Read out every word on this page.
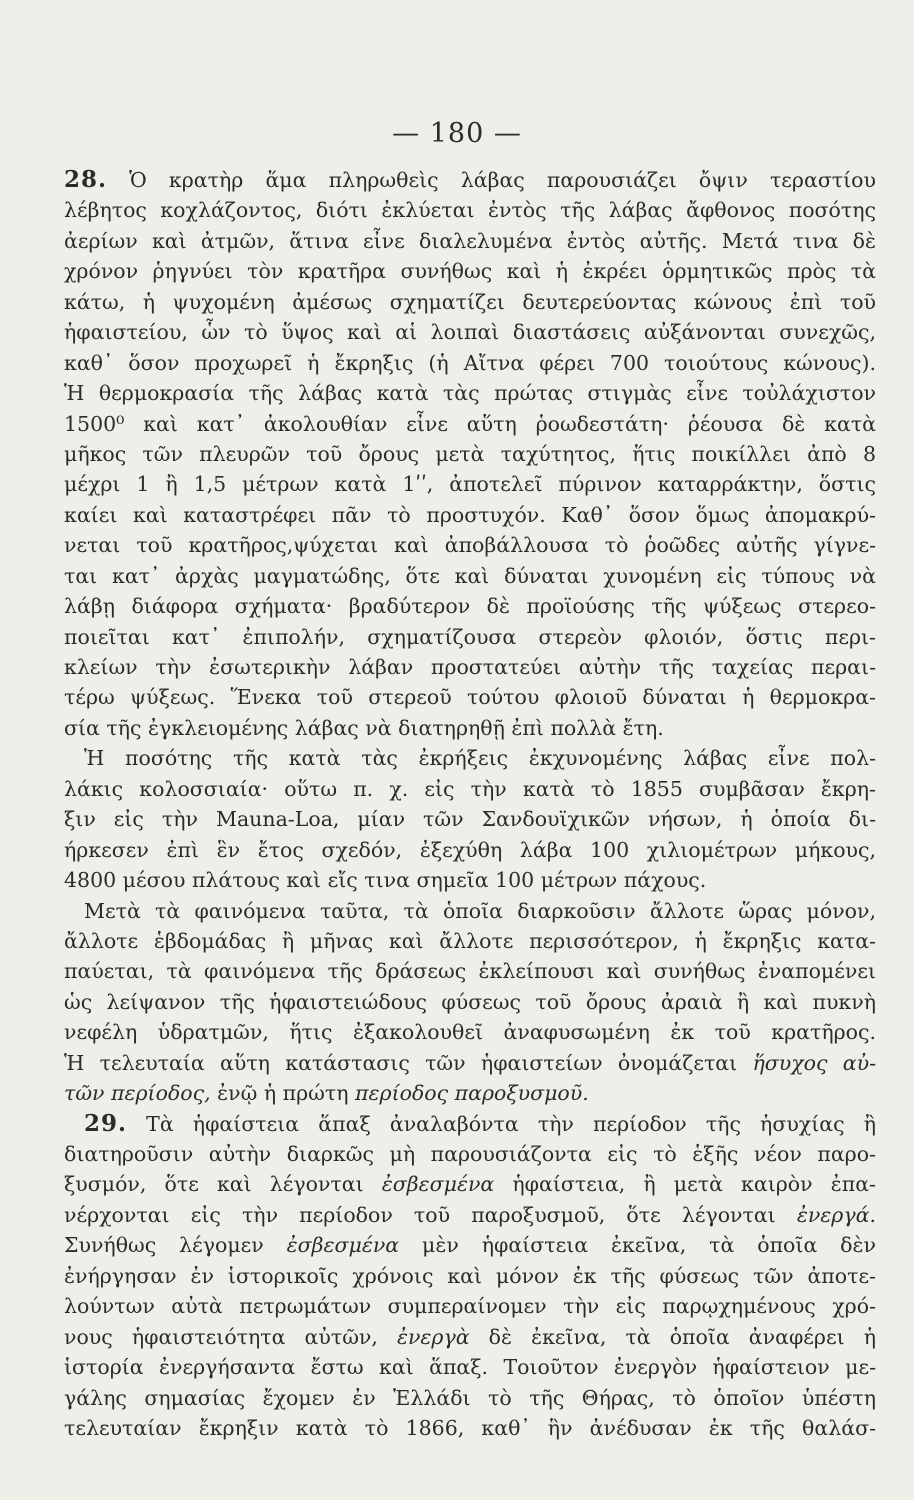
— 180 —
28. Ὁ κρατὴρ ἅμα πληρωθεὶς λάβας παρουσιάζει ὄψιν τεραστίου
λέβητος κοχλάζοντος, διότι ἐκλύεται ἐντὸς τῆς λάβας ἄφθονος ποσότης
ἀερίων καὶ ἀτμῶν, ἅτινα εἶνε διαλελυμένα ἐντὸς αὐτῆς. Μετά τινα δὲ
χρόνον ῥηγνύει τὸν κρατῆρα συνήθως καὶ ἡ ἐκρέει ὁρμητικῶς πρὸς τὰ
κάτω, ἡ ψυχομένη ἀμέσως σχηματίζει δευτερεύοντας κώνους ἐπὶ τοῦ
ἡφαιστείου, ὧν τὸ ὕψος καὶ αἱ λοιπαὶ διαστάσεις αὐξάνονται συνεχῶς,
καθ᾿ ὅσον προχωρεῖ ἡ ἔκρηξις (ἡ Αἴτνα φέρει 700 τοιούτους κώνους).
Ἡ θερμοκρασία τῆς λάβας κατὰ τὰς πρώτας στιγμὰς εἶνε τοὐλάχιστον
1500⁰ καὶ κατ᾿ ἀκολουθίαν εἶνε αὕτη ῥοωδεστάτη· ῥέουσα δὲ κατὰ
μῆκος τῶν πλευρῶν τοῦ ὄρους μετὰ ταχύτητος, ἥτις ποικίλλει ἀπὸ 8
μέχρι 1 ἢ 1,5 μέτρων κατὰ 1ʹʹ, ἀποτελεῖ πύρινον καταρράκτην, ὅστις
καίει καὶ καταστρέφει πᾶν τὸ προστυχόν. Καθ᾿ ὅσον ὅμως ἀπομακρύ-
νεται τοῦ κρατῆρος,ψύχεται καὶ ἀποβάλλουσα τὸ ῥοῶδες αὐτῆς γίγνε-
ται κατ᾿ ἀρχὰς μαγματώδης, ὅτε καὶ δύναται χυνομένη εἰς τύπους νὰ
λάβῃ διάφορα σχήματα· βραδύτερον δὲ προϊούσης τῆς ψύξεως στερεο-
ποιεῖται κατ᾿ ἐπιπολήν, σχηματίζουσα στερεὸν φλοιόν, ὅστις περι-
κλείων τὴν ἐσωτερικὴν λάβαν προστατεύει αὐτὴν τῆς ταχείας περαι-
τέρω ψύξεως. Ἕνεκα τοῦ στερεοῦ τούτου φλοιοῦ δύναται ἡ θερμοκρα-
σία τῆς ἐγκλειομένης λάβας νὰ διατηρηθῇ ἐπὶ πολλὰ ἔτη.
Ἡ ποσότης τῆς κατὰ τὰς ἐκρήξεις ἐκχυνομένης λάβας εἶνε πολ-
λάκις κολοσσιαία· οὕτω π. χ. εἰς τὴν κατὰ τὸ 1855 συμβᾶσαν ἔκρη-
ξιν εἰς τὴν Mauna-Loa, μίαν τῶν Σανδουϊχικῶν νήσων, ἡ ὁποία δι-
ήρκεσεν ἐπὶ ἓν ἔτος σχεδόν, ἐξεχύθη λάβα 100 χιλιομέτρων μήκους,
4800 μέσου πλάτους καὶ εἴς τινα σημεῖα 100 μέτρων πάχους.
Μετὰ τὰ φαινόμενα ταῦτα, τὰ ὁποῖα διαρκοῦσιν ἄλλοτε ὥρας μόνον,
ἄλλοτε ἑβδομάδας ἢ μῆνας καὶ ἄλλοτε περισσότερον, ἡ ἔκρηξις κατα-
παύεται, τὰ φαινόμενα τῆς δράσεως ἐκλείπουσι καὶ συνήθως ἐναπομένει
ὡς λείψανον τῆς ἡφαιστειώδους φύσεως τοῦ ὄρους ἀραιὰ ἢ καὶ πυκνὴ
νεφέλη ὑδρατμῶν, ἥτις ἐξακολουθεῖ ἀναφυσωμένη ἐκ τοῦ κρατῆρος.
Ἡ τελευταία αὕτη κατάστασις τῶν ἡφαιστείων ὀνομάζεται ἥσυχος αὐ-
τῶν περίοδος, ἐνῷ ἡ πρώτη περίοδος παροξυσμοῦ.
29. Τὰ ἡφαίστεια ἅπαξ ἀναλαβόντα τὴν περίοδον τῆς ἡσυχίας ἢ
διατηροῦσιν αὐτὴν διαρκῶς μὴ παρουσιάζοντα εἰς τὸ ἑξῆς νέον παρο-
ξυσμόν, ὅτε καὶ λέγονται ἐσβεσμένα ἡφαίστεια, ἢ μετὰ καιρὸν ἐπα-
νέρχονται εἰς τὴν περίοδον τοῦ παροξυσμοῦ, ὅτε λέγονται ἐνεργά.
Συνήθως λέγομεν ἐσβεσμένα μὲν ἡφαίστεια ἐκεῖνα, τὰ ὁποῖα δὲν
ἐνήργησαν ἐν ἱστορικοῖς χρόνοις καὶ μόνον ἐκ τῆς φύσεως τῶν ἀποτε-
λούντων αὐτὰ πετρωμάτων συμπεραίνομεν τὴν εἰς παρῳχημένους χρό-
νους ἡφαιστειότητα αὐτῶν, ἐνεργὰ δὲ ἐκεῖνα, τὰ ὁποῖα ἀναφέρει ἡ
ἱστορία ἐνεργήσαντα ἔστω καὶ ἅπαξ. Τοιοῦτον ἐνεργὸν ἡφαίστειον με-
γάλης σημασίας ἔχομεν ἐν Ἑλλάδι τὸ τῆς Θήρας, τὸ ὁποῖον ὑπέστη
τελευταίαν ἔκρηξιν κατὰ τὸ 1866, καθ᾿ ἣν ἀνέδυσαν ἐκ τῆς θαλάσ-
